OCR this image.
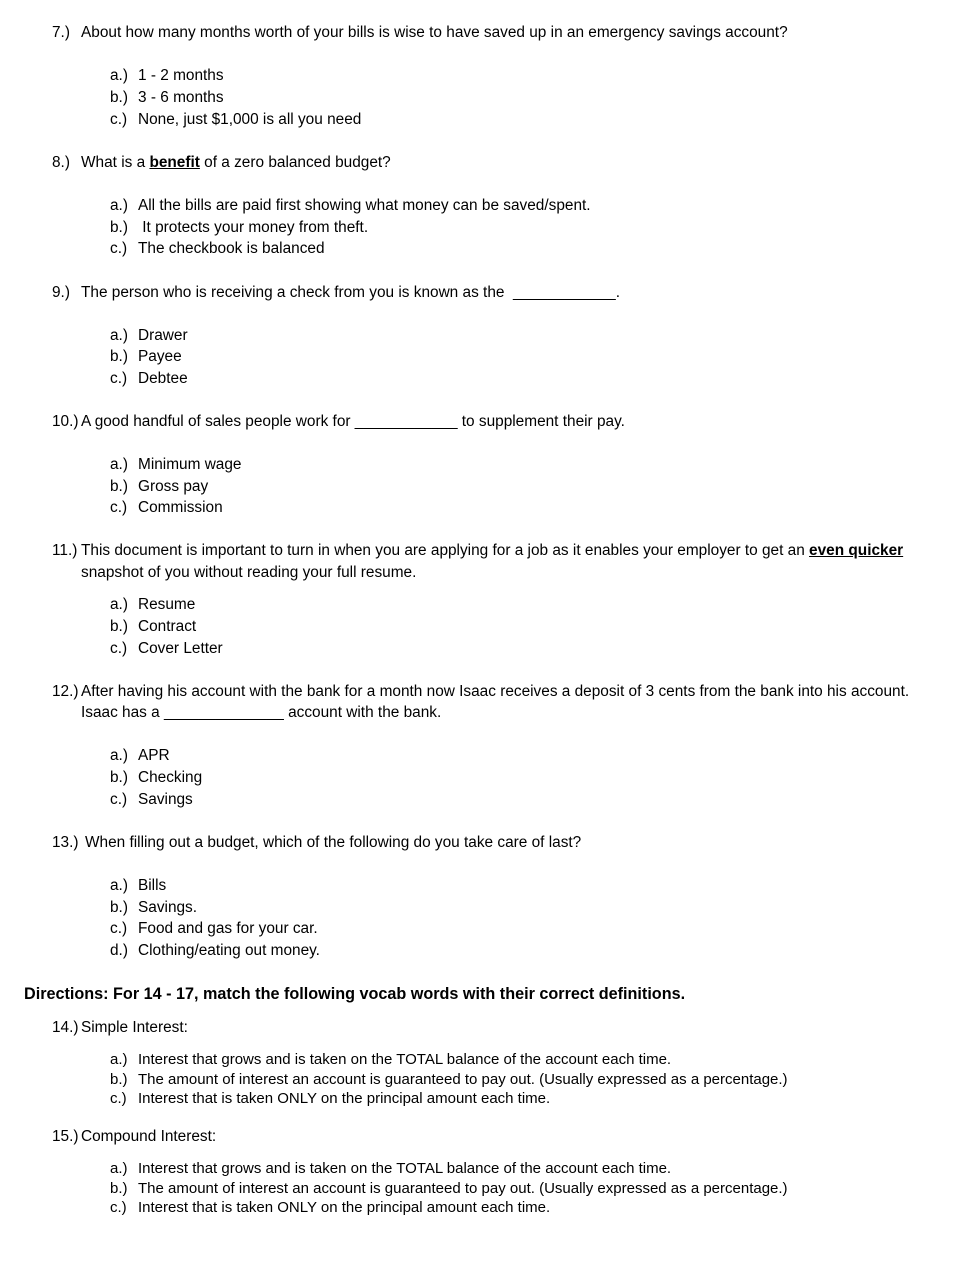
7.) About how many months worth of your bills is wise to have saved up in an emergency savings account?
a.) 1 - 2 months
b.) 3 - 6 months
c.) None, just $1,000 is all you need
8.) What is a benefit of a zero balanced budget?
a.) All the bills are paid first showing what money can be saved/spent.
b.) It protects your money from theft.
c.) The checkbook is balanced
9.) The person who is receiving a check from you is known as the  ____________.
a.) Drawer
b.) Payee
c.) Debtee
10.) A good handful of sales people work for ____________ to supplement their pay.
a.) Minimum wage
b.) Gross pay
c.) Commission
11.) This document is important to turn in when you are applying for a job as it enables your employer to get an even quicker
snapshot of you without reading your full resume.
a.) Resume
b.) Contract
c.) Cover Letter
12.) After having his account with the bank for a month now Isaac receives a deposit of 3 cents from the bank into his account.
Isaac has a ______________ account with the bank.
a.) APR
b.) Checking
c.) Savings
13.) When filling out a budget, which of the following do you take care of last?
a.) Bills
b.) Savings.
c.) Food and gas for your car.
d.) Clothing/eating out money.
Directions: For 14 - 17, match the following vocab words with their correct definitions.
14.) Simple Interest:
a.) Interest that grows and is taken on the TOTAL balance of the account each time.
b.) The amount of interest an account is guaranteed to pay out. (Usually expressed as a percentage.)
c.) Interest that is taken ONLY on the principal amount each time.
15.) Compound Interest:
a.) Interest that grows and is taken on the TOTAL balance of the account each time.
b.) The amount of interest an account is guaranteed to pay out. (Usually expressed as a percentage.)
c.) Interest that is taken ONLY on the principal amount each time.
